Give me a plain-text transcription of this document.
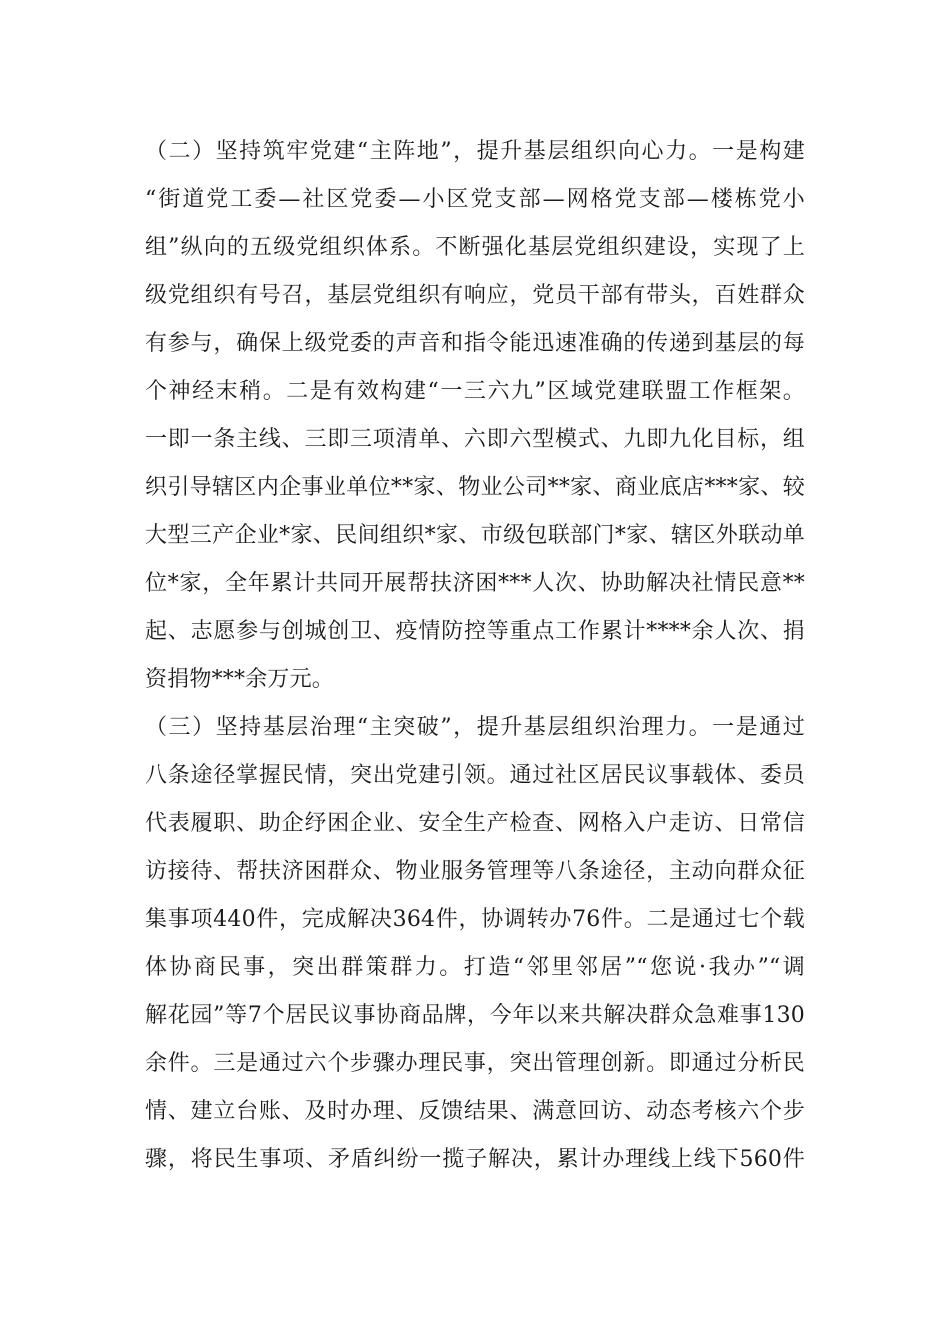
（二）坚持筑牢党建“主阵地”，提升基层组织向心力。一是构建
“街道党工委—社区党委—小区党支部—网格党支部—楼栋党小
组”纵向的五级党组织体系。不断强化基层党组织建设，实现了上
级党组织有号召，基层党组织有响应，党员干部有带头，百姓群众
有参与，确保上级党委的声音和指令能迅速准确的传递到基层的每
个神经末稍。二是有效构建“一三六九”区域党建联盟工作框架。
一即一条主线、三即三项清单、六即六型模式、九即九化目标，组
织引导辖区内企事业单位**家、物业公司**家、商业底店***家、较
大型三产企业*家、民间组织*家、市级包联部门*家、辖区外联动单
位*家，全年累计共同开展帮扶济困***人次、协助解决社情民意**
起、志愿参与创城创卫、疫情防控等重点工作累计****余人次、捐
资捐物***余万元。
（三）坚持基层治理“主突破”，提升基层组织治理力。一是通过
八条途径掌握民情，突出党建引领。通过社区居民议事载体、委员
代表履职、助企纾困企业、安全生产检查、网格入户走访、日常信
访接待、帮扶济困群众、物业服务管理等八条途径，主动向群众征
集事项440件，完成解决364件，协调转办76件。二是通过七个载
体协商民事，突出群策群力。打造“邻里邻居”“您说·我办”“调
解花园”等7个居民议事协商品牌，今年以来共解决群众急难事130
余件。三是通过六个步骤办理民事，突出管理创新。即通过分析民
情、建立台账、及时办理、反馈结果、满意回访、动态考核六个步
骤，将民生事项、矛盾纠纷一揽子解决，累计办理线上线下560件
